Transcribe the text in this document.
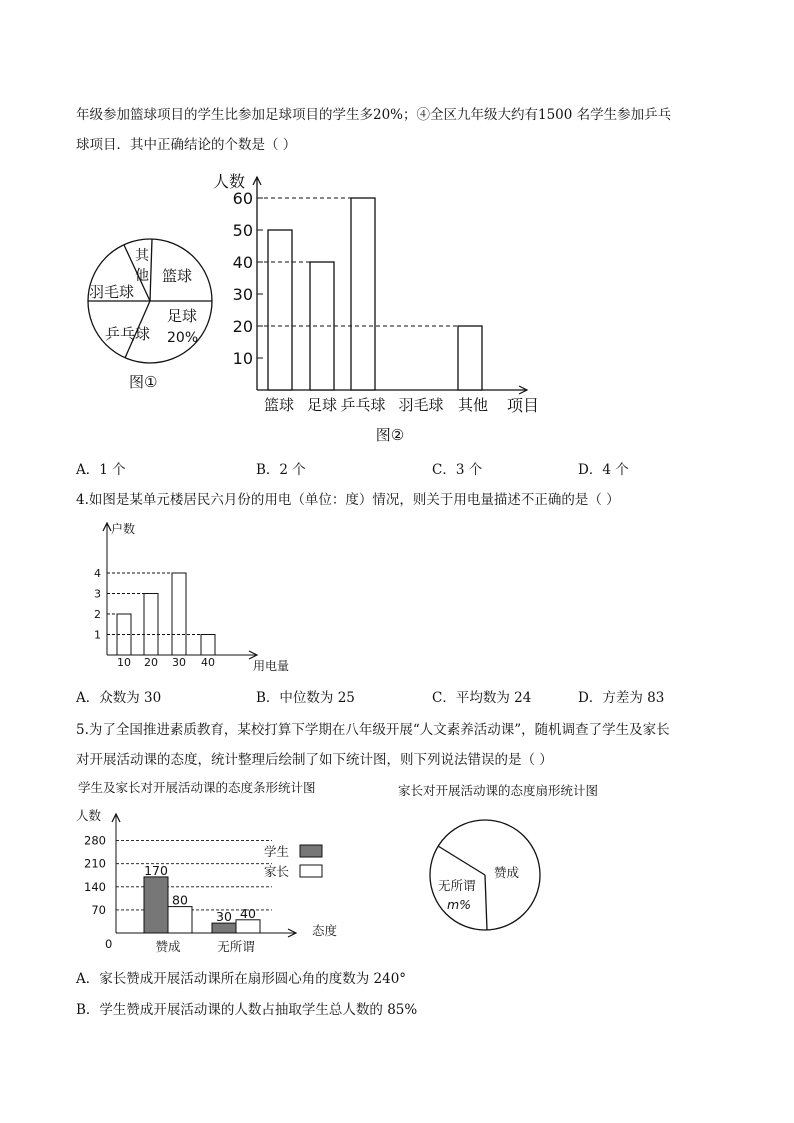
年级参加篮球项目的学生比参加足球项目的学生多20%；④全区九年级大约有1500 名学生参加乒乓
球项目．其中正确结论的个数是（ ）
其
他 篮球
足球
20%
乒乓球
羽毛球
图①
人数
项目
10
20
30
40
50
60
篮球 足球 乒乓球 羽毛球 其他
图②
A．1 个	B．2 个	C．3 个	D．4 个
4.如图是某单元楼居民六月份的用电（单位：度）情况，则关于用电量描述不正确的是（ ）
户数
用电量
1
2
3
4
10 20 30 40
A．众数为 30	B．中位数为 25	C．平均数为 24	D．方差为 83
5.为了全国推进素质教育，某校打算下学期在八年级开展“人文素养活动课”，随机调查了学生及家长
对开展活动课的态度，统计整理后绘制了如下统计图，则下列说法错误的是（ ）
学生及家长对开展活动课的态度条形统计图	家长对开展活动课的态度扇形统计图
人数
态度
0
70
140
210
280
170
80
赞成
30 40
无所谓
学生
家长	赞成
无所谓
m%
A．家长赞成开展活动课所在扇形圆心角的度数为 240°
B．学生赞成开展活动课的人数占抽取学生总人数的 85%
